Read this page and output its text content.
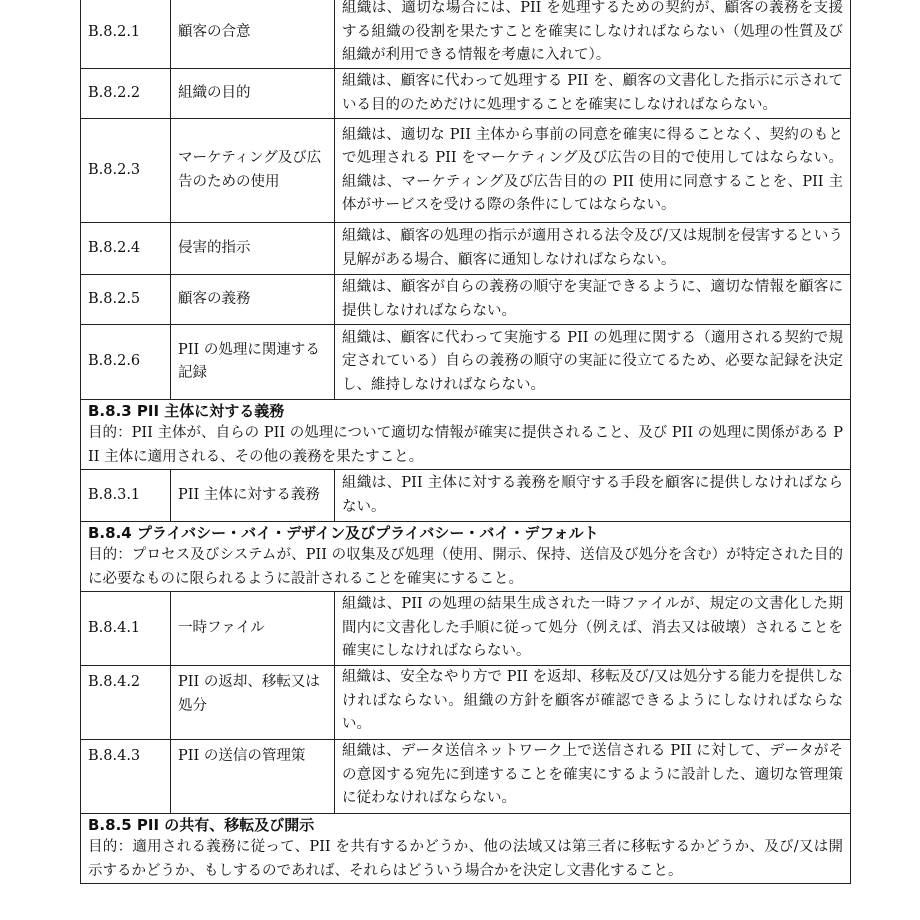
B.8.2.1	顧客の合意	組織は、適切な場合には、PII を処理するための契約が、顧客の義務を支援する組織の役割を果たすことを確実にしなければならない（処理の性質及び組織が利用できる情報を考慮に入れて）。
B.8.2.2	組織の目的	組織は、顧客に代わって処理する PII を、顧客の文書化した指示に示されている目的のためだけに処理することを確実にしなければならない。
B.8.2.3	マーケティング及び広告のための使用	組織は、適切な PII 主体から事前の同意を確実に得ることなく、契約のもとで処理される PII をマーケティング及び広告の目的で使用してはならない。組織は、マーケティング及び広告目的の PII 使用に同意することを、PII 主体がサービスを受ける際の条件にしてはならない。
B.8.2.4	侵害的指示	組織は、顧客の処理の指示が適用される法令及び/又は規制を侵害するという見解がある場合、顧客に通知しなければならない。
B.8.2.5	顧客の義務	組織は、顧客が自らの義務の順守を実証できるように、適切な情報を顧客に提供しなければならない。
B.8.2.6	PII の処理に関連する記録	組織は、顧客に代わって実施する PII の処理に関する（適用される契約で規定されている）自らの義務の順守の実証に役立てるため、必要な記録を決定し、維持しなければならない。

B.8.3 PII 主体に対する義務
目的：PII 主体が、自らの PII の処理について適切な情報が確実に提供されること、及び PII の処理に関係がある PII 主体に適用される、その他の義務を果たすこと。		

B.8.3.1	PII 主体に対する義務	組織は、PII 主体に対する義務を順守する手段を顧客に提供しなければならない。

B.8.4 プライバシー・バイ・デザイン及びプライバシー・バイ・デフォルト
目的：プロセス及びシステムが、PII の収集及び処理（使用、開示、保持、送信及び処分を含む）が特定された目的に必要なものに限られるように設計されることを確実にすること。		

B.8.4.1	一時ファイル	組織は、PII の処理の結果生成された一時ファイルが、規定の文書化した期間内に文書化した手順に従って処分（例えば、消去又は破壊）されることを確実にしなければならない。
B.8.4.2	PII の返却、移転又は処分	組織は、安全なやり方で PII を返却、移転及び/又は処分する能力を提供しなければならない。組織の方針を顧客が確認できるようにしなければならない。
B.8.4.3	PII の送信の管理策	組織は、データ送信ネットワーク上で送信される PII に対して、データがその意図する宛先に到達することを確実にするように設計した、適切な管理策に従わなければならない。

B.8.5 PII の共有、移転及び開示
目的：適用される義務に従って、PII を共有するかどうか、他の法域又は第三者に移転するかどうか、及び/又は開示するかどうか、もしするのであれば、それらはどういう場合かを決定し文書化すること。		
